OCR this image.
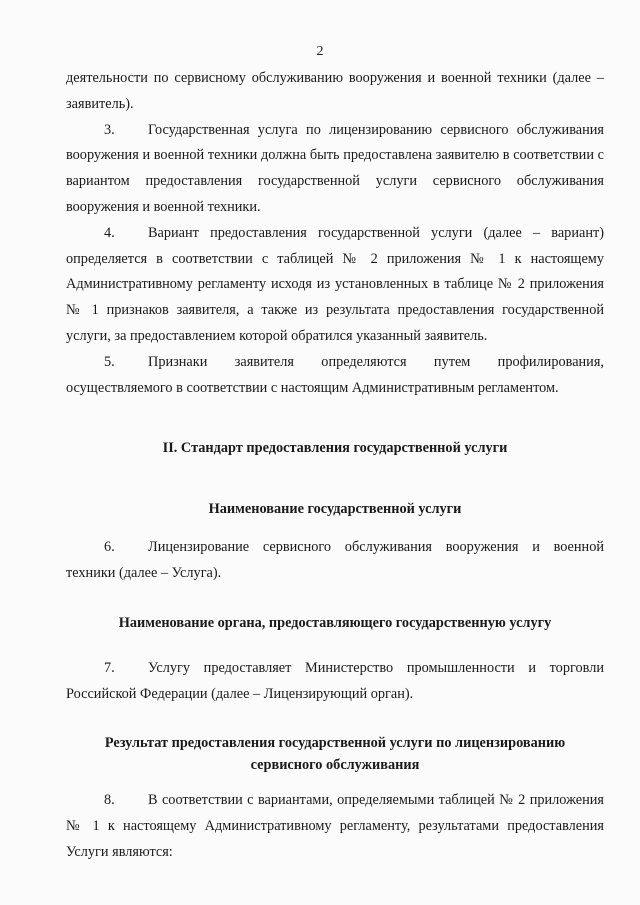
2

деятельности по сервисному обслуживанию вооружения и военной техники (далее – заявитель).

3. Государственная услуга по лицензированию сервисного обслуживания вооружения и военной техники должна быть предоставлена заявителю в соответствии с вариантом предоставления государственной услуги сервисного обслуживания вооружения и военной техники.

4. Вариант предоставления государственной услуги (далее – вариант) определяется в соответствии с таблицей № 2 приложения № 1 к настоящему Административному регламенту исходя из установленных в таблице № 2 приложения № 1 признаков заявителя, а также из результата предоставления государственной услуги, за предоставлением которой обратился указанный заявитель.

5. Признаки заявителя определяются путем профилирования, осуществляемого в соответствии с настоящим Административным регламентом.

II. Стандарт предоставления государственной услуги

Наименование государственной услуги

6. Лицензирование сервисного обслуживания вооружения и военной техники (далее – Услуга).

Наименование органа, предоставляющего государственную услугу

7. Услугу предоставляет Министерство промышленности и торговли Российской Федерации (далее – Лицензирующий орган).

Результат предоставления государственной услуги по лицензированию

сервисного обслуживания

8. В соответствии с вариантами, определяемыми таблицей № 2 приложения № 1 к настоящему Административному регламенту, результатами предоставления Услуги являются:
